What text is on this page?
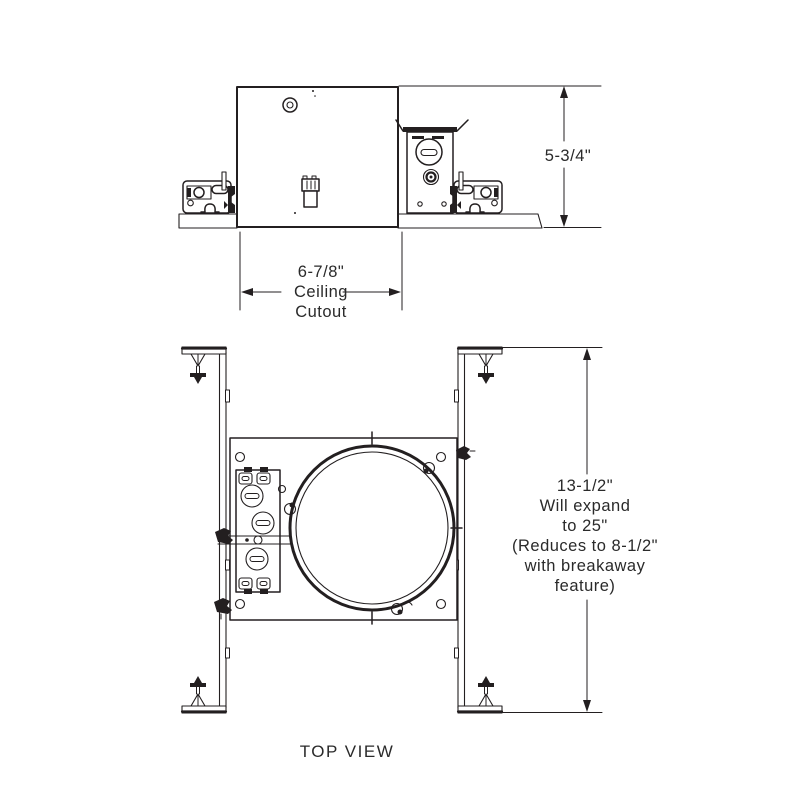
5-3/4"
6-7/8"
Ceiling
Cutout
13-1/2"
Will expand
to 25"
(Reduces to 8-1/2"
with breakaway
feature)
TOP VIEW
